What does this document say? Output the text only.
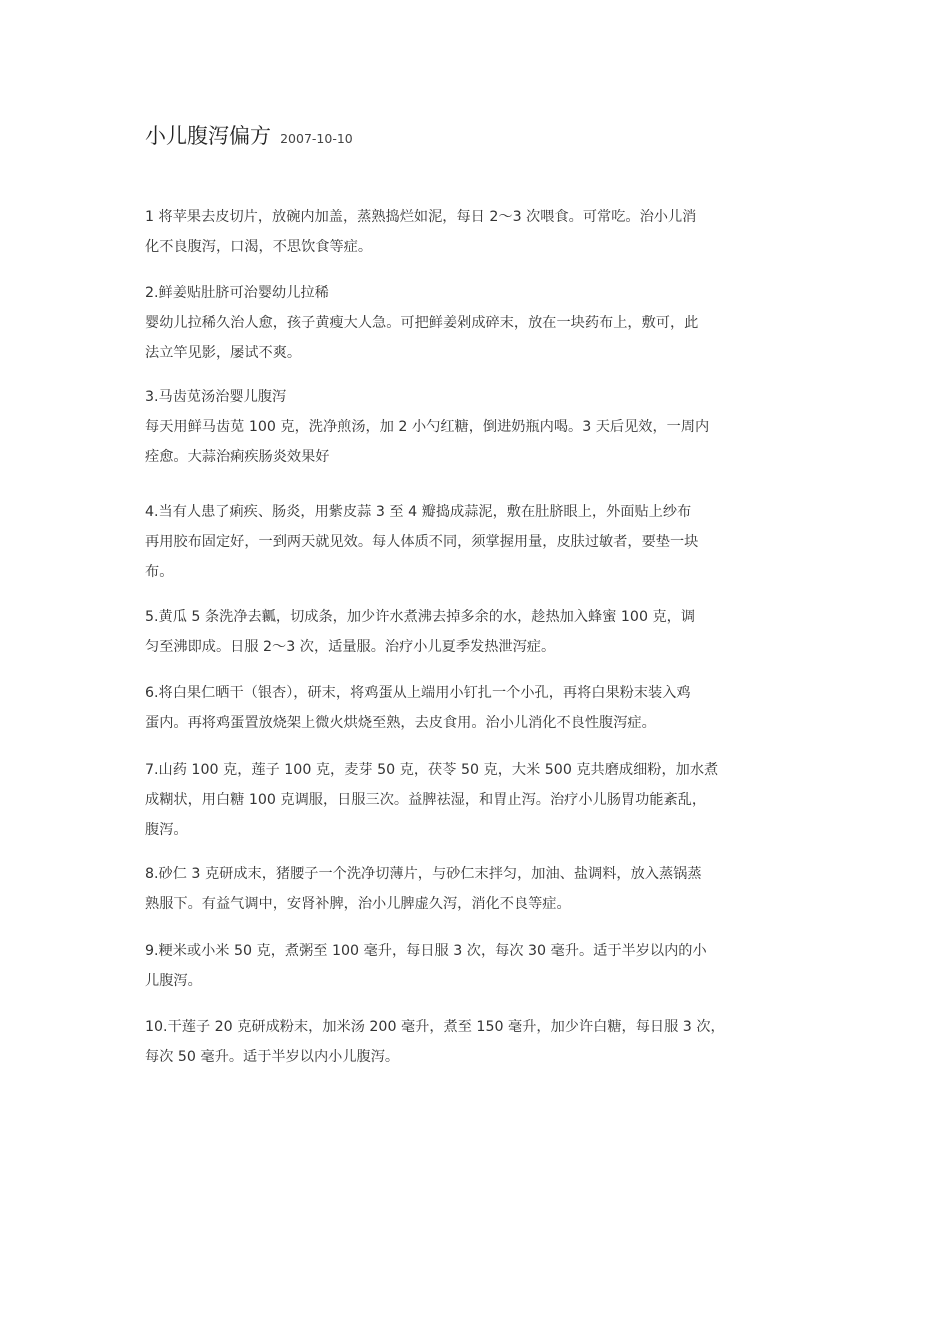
小儿腹泻偏方 2007-10-10
1 将苹果去皮切片，放碗内加盖，蒸熟捣烂如泥，每日 2～3 次喂食。可常吃。治小儿消
化不良腹泻，口渴，不思饮食等症。
2.鲜姜贴肚脐可治婴幼儿拉稀
婴幼儿拉稀久治人愈，孩子黄瘦大人急。可把鲜姜剁成碎末，放在一块药布上，敷可，此
法立竿见影，屡试不爽。
3.马齿苋汤治婴儿腹泻
每天用鲜马齿苋 100 克，洗净煎汤，加 2 小勺红糖，倒进奶瓶内喝。3 天后见效，一周内
痊愈。大蒜治痢疾肠炎效果好
4.当有人患了痢疾、肠炎，用紫皮蒜 3 至 4 瓣捣成蒜泥，敷在肚脐眼上，外面贴上纱布
再用胶布固定好，一到两天就见效。每人体质不同，须掌握用量，皮肤过敏者，要垫一块
布。
5.黄瓜 5 条洗净去瓤，切成条，加少许水煮沸去掉多余的水，趁热加入蜂蜜 100 克，调
匀至沸即成。日服 2～3 次，适量服。治疗小儿夏季发热泄泻症。
6.将白果仁晒干（银杏），研末，将鸡蛋从上端用小钉扎一个小孔，再将白果粉末装入鸡
蛋内。再将鸡蛋置放烧架上微火烘烧至熟，去皮食用。治小儿消化不良性腹泻症。
7.山药 100 克，莲子 100 克，麦芽 50 克，茯苓 50 克，大米 500 克共磨成细粉，加水煮
成糊状，用白糖 100 克调服，日服三次。益脾祛湿，和胃止泻。治疗小儿肠胃功能紊乱，
腹泻。
8.砂仁 3 克研成末，猪腰子一个洗净切薄片，与砂仁末拌匀，加油、盐调料，放入蒸锅蒸
熟服下。有益气调中，安肾补脾，治小儿脾虚久泻，消化不良等症。
9.粳米或小米 50 克，煮粥至 100 毫升，每日服 3 次，每次 30 毫升。适于半岁以内的小
儿腹泻。
10.干莲子 20 克研成粉末，加米汤 200 毫升，煮至 150 毫升，加少许白糖，每日服 3 次，
每次 50 毫升。适于半岁以内小儿腹泻。
